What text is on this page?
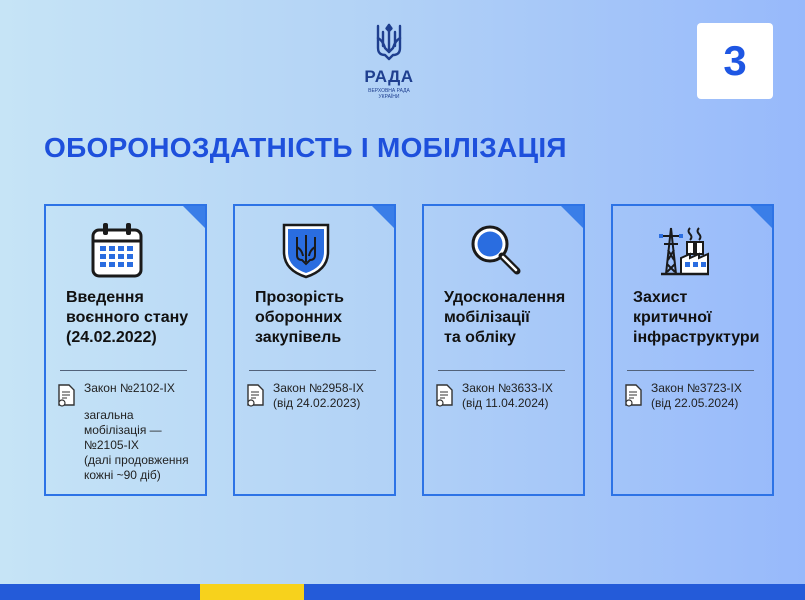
РАДА
ВЕРХОВНА РАДА
УКРАЇНИ
3
ОБОРОНОЗДАТНІСТЬ І МОБІЛІЗАЦІЯ
Введення
воєнного стану
(24.02.2022)
Закон №2102-IX
загальна
мобілізація —
№2105-IX
(далі продовження
кожні ~90 діб)
Прозорість
оборонних
закупівель
Закон №2958-IX
(від 24.02.2023)
Удосконалення
мобілізації
та обліку
Закон №3633-IX
(від 11.04.2024)
Захист
критичної
інфраструктури
Закон №3723-IX
(від 22.05.2024)
